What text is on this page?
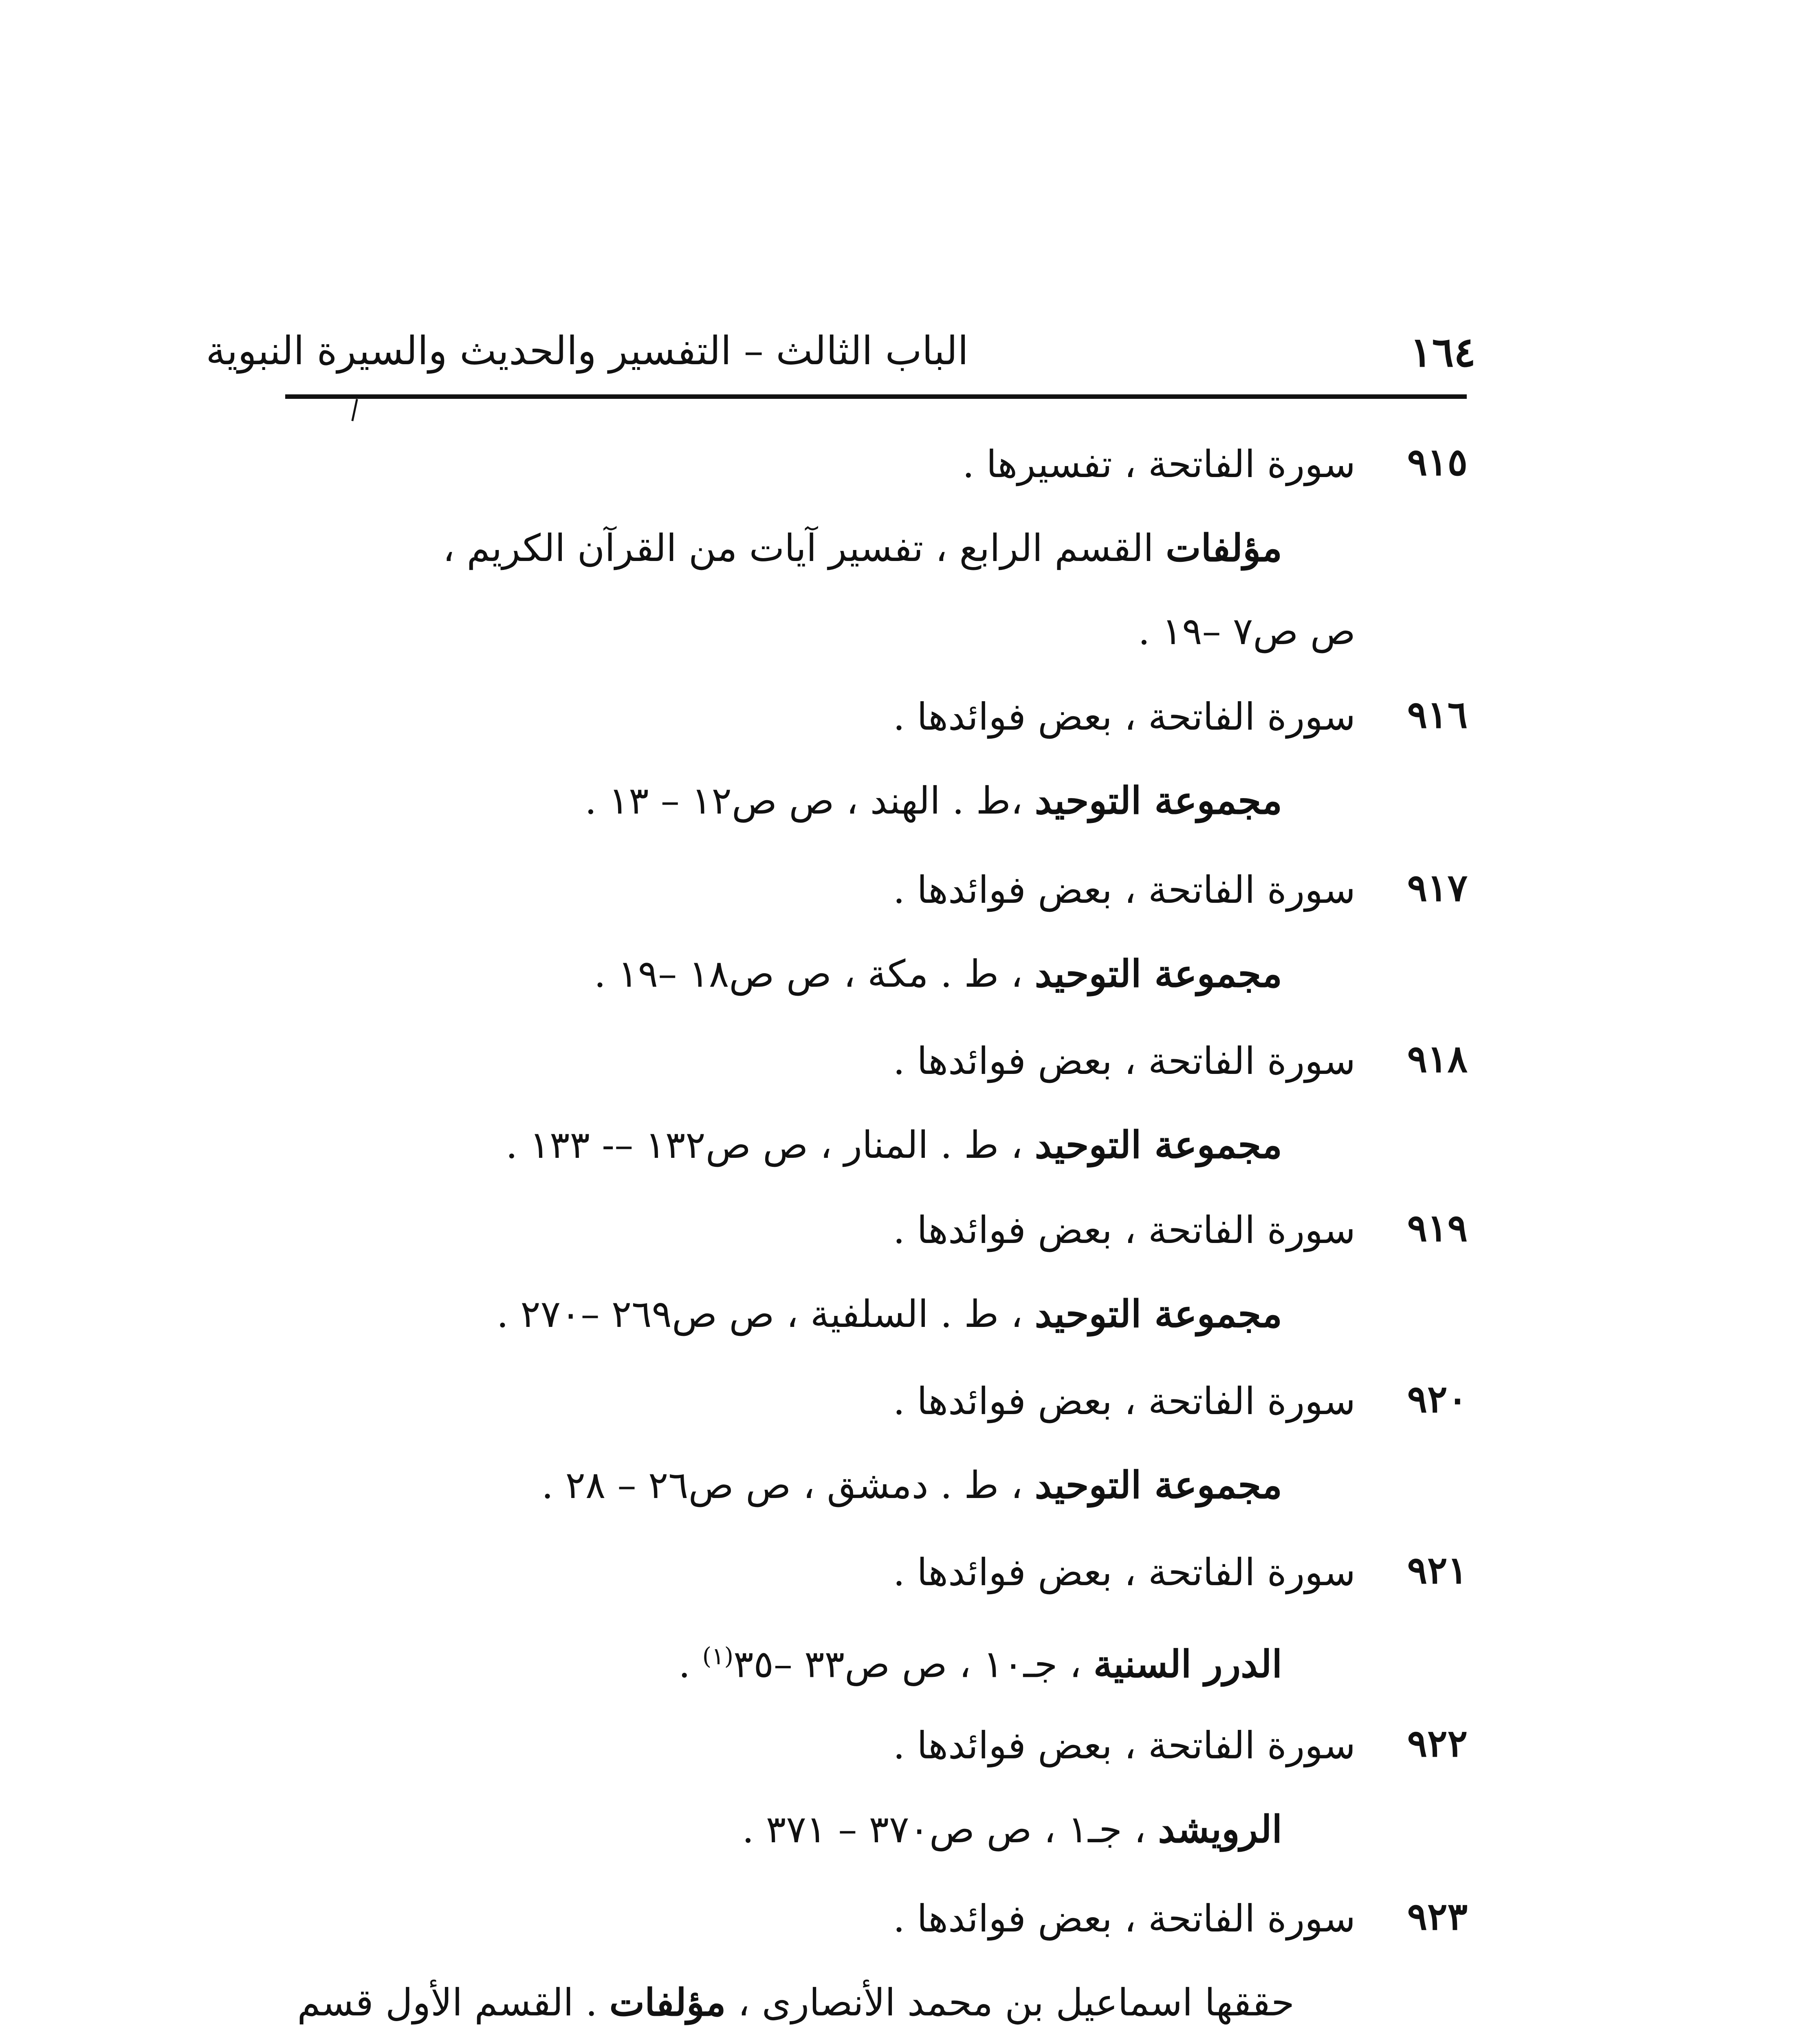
الباب الثالث – التفسير والحديث والسيرة النبوية	١٦٤
٩١٥
سورة الفاتحة ، تفسيرها .
مؤلفات القسم الرابع ، تفسير آيات من القرآن الكريم ،
ص ص٧ –١٩ .
٩١٦
سورة الفاتحة ، بعض فوائدها .
مجموعة التوحيد ،ط . الهند ، ص ص١٢ – ١٣ .
٩١٧
سورة الفاتحة ، بعض فوائدها .
مجموعة التوحيد ، ط . مكة ، ص ص١٨ –١٩ .
٩١٨
سورة الفاتحة ، بعض فوائدها .
مجموعة التوحيد ، ط . المنار ، ص ص١٣٢ –- ١٣٣ .
٩١٩
سورة الفاتحة ، بعض فوائدها .
مجموعة التوحيد ، ط . السلفية ، ص ص٢٦٩ –٢٧٠ .
٩٢٠
سورة الفاتحة ، بعض فوائدها .
مجموعة التوحيد ، ط . دمشق ، ص ص٢٦ – ٢٨ .
٩٢١
سورة الفاتحة ، بعض فوائدها .
الدرر السنية ، جـ١٠ ، ص ص٣٣ –٣٥$^{(١)}$ .
٩٢٢
سورة الفاتحة ، بعض فوائدها .
الرويشد ، جـ١ ، ص ص٣٧٠ – ٣٧١ .
٩٢٣
سورة الفاتحة ، بعض فوائدها .
حققها اسماعيل بن محمد الأنصارى ، مؤلفات . القسم الأول قسم
